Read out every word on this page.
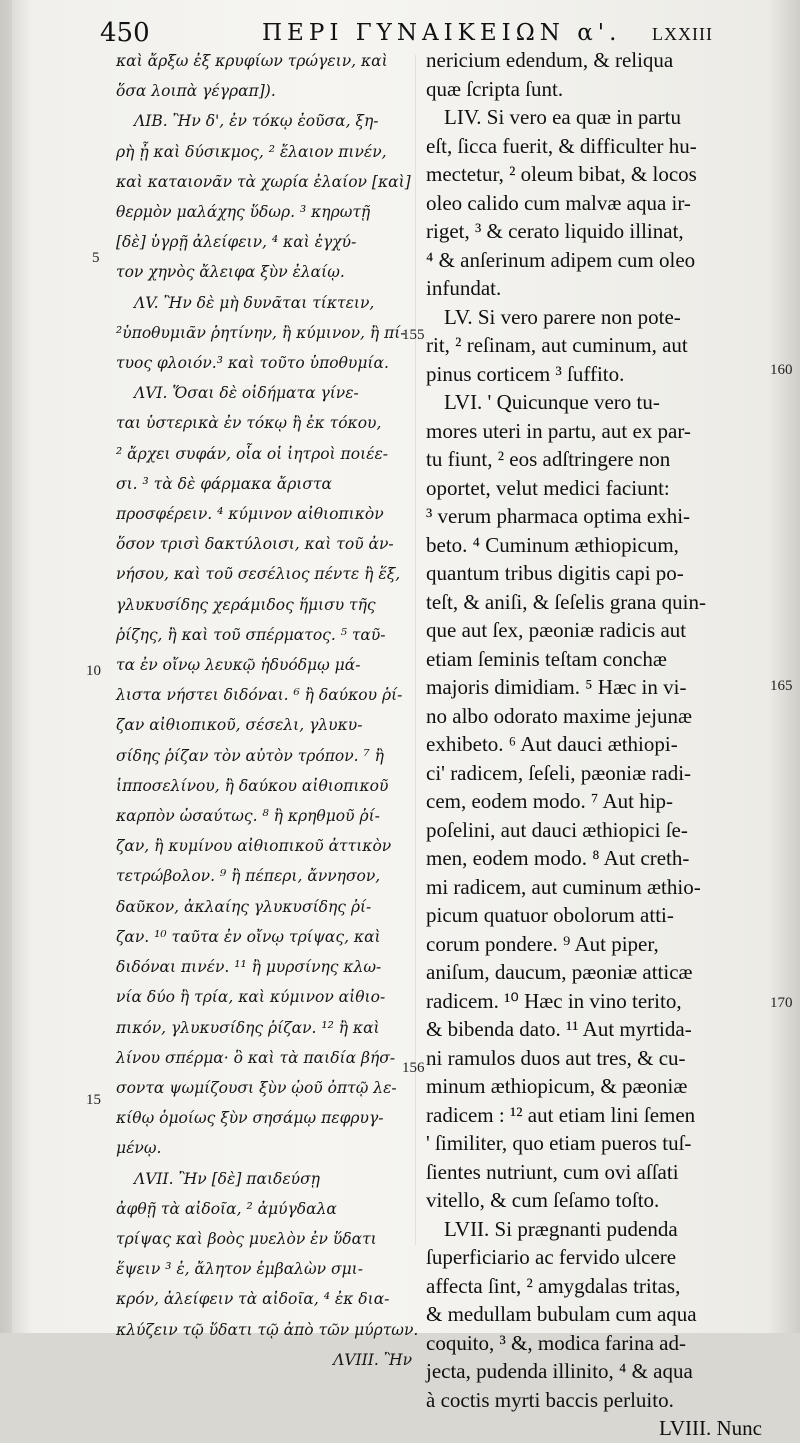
450	ΠΕΡΙ ΓΥΝΑΙΚΕΙΩΝ α'. LXXIII
καὶ ἄρξω ἐξ κρυφίων τρώγειν, καὶ
ὅσα λοιπὰ γέγραπ]).
ΛΙΒ. Ἢν δ', ἐν τόκῳ ἐοῦσα, ξη-
ρὴ ᾖ καὶ δύσικμος, ² ἔλαιον πινέν,
καὶ καταιονᾶν τὰ χωρία ἐλαίον [καὶ]
θερμὸν μαλάχης ὕδωρ. ³ κηρωτῇ
[δὲ] ὑγρῇ ἀλείφειν, ⁴ καὶ ἐγχύ-
τον χηνὸς ἄλειφα ξὺν ἐλαίῳ.
ΛV. Ἢν δὲ μὴ δυνᾶται τίκτειν,
²ὑποθυμιᾶν ῥητίνην, ἢ κύμινον, ἢ πί-
τυος φλοιόν.³ καὶ τοῦτο ὑποθυμία.
ΛVI. Ὅσαι δὲ οἰδήματα γίνε-
ται ὑστερικὰ ἐν τόκῳ ἢ ἐκ τόκου,
² ἄρχει συφάν, οἷα οἱ ἰητροὶ ποιέε-
σι. ³ τὰ δὲ φάρμακα ἄριστα
προσφέρειν. ⁴ κύμινον αἰθιοπικὸν
ὅσον τρισὶ δακτύλοισι, καὶ τοῦ ἀν-
νήσου, καὶ τοῦ σεσέλιος πέντε ἢ ἕξ,
γλυκυσίδης χεράμιδος ἥμισυ τῆς
ῥίζης, ἢ καὶ τοῦ σπέρματος. ⁵ ταῦ-
τα ἐν οἴνῳ λευκῷ ἡδυόδμῳ μά-
λιστα νήστει διδόναι. ⁶ ἢ δαύκου ῥί-
ζαν αἰθιοπικοῦ, σέσελι, γλυκυ-
σίδης ῥίζαν τὸν αὐτὸν τρόπον. ⁷ ἢ
ἱπποσελίνου, ἢ δαύκου αἰθιοπικοῦ
καρπὸν ὡσαύτως. ⁸ ἢ κρηθμοῦ ῥί-
ζαν, ἢ κυμίνου αἰθιοπικοῦ ἀττικὸν
τετρώβολον. ⁹ ἢ πέπερι, ἄννησον,
δαῦκον, ἀκλαίης γλυκυσίδης ῥί-
ζαν. ¹⁰ ταῦτα ἐν οἴνῳ τρίψας, καὶ
διδόναι πινέν. ¹¹ ἢ μυρσίνης κλω-
νία δύο ἢ τρία, καὶ κύμινον αἰθιο-
πικόν, γλυκυσίδης ῥίζαν. ¹² ἢ καὶ
λίνου σπέρμα· ὃ καὶ τὰ παιδία βήσ-
σοντα ψωμίζουσι ξὺν ᾠοῦ ὀπτῷ λε-
κίθῳ ὁμοίως ξὺν σησάμῳ πεφρυγ-
μένῳ.
ΛVII. Ἢν [δὲ] παιδεύσῃ
ἀφθῇ τὰ αἰδοῖα, ² ἀμύγδαλα
τρίψας καὶ βοὸς μυελὸν ἐν ὕδατι
ἕψειν ³ ἐ, ἄλητον ἐμβαλὼν σμι-
κρόν, ἀλείφειν τὰ αἰδοῖα, ⁴ ἐκ δια-
κλύζειν τῷ ὕδατι τῷ ἀπὸ τῶν μύρτων.
ΛVIII. Ἢν
nericium edendum, & reliqua
quæ ſcripta ſunt.
LIV. Si vero ea quæ in partu
eſt, ſicca fuerit, & difficulter hu-
mectetur, ² oleum bibat, & locos
oleo calido cum malvæ aqua ir-
riget, ³ & cerato liquido illinat,
⁴ & anſerinum adipem cum oleo
infundat.
LV. Si vero parere non pote-
rit, ² reſinam, aut cuminum, aut
pinus corticem ³ ſuffito.
LVI. ' Quicunque vero tu-
mores uteri in partu, aut ex par-
tu fiunt, ² eos adſtringere non
oportet, velut medici faciunt:
³ verum pharmaca optima exhi-
beto. ⁴ Cuminum æthiopicum,
quantum tribus digitis capi po-
teſt, & aniſi, & ſeſelis grana quin-
que aut ſex, pæoniæ radicis aut
etiam ſeminis teſtam conchæ
majoris dimidiam. ⁵ Hæc in vi-
no albo odorato maxime jejunæ
exhibeto. ⁶ Aut dauci æthiopi-
ci' radicem, ſeſeli, pæoniæ radi-
cem, eodem modo. ⁷ Aut hip-
poſelini, aut dauci æthiopici ſe-
men, eodem modo. ⁸ Aut creth-
mi radicem, aut cuminum æthio-
picum quatuor obolorum atti-
corum pondere. ⁹ Aut piper,
aniſum, daucum, pæoniæ atticæ
radicem. ¹⁰ Hæc in vino terito,
& bibenda dato. ¹¹ Aut myrtida-
ni ramulos duos aut tres, & cu-
minum æthiopicum, & pæoniæ
radicem : ¹² aut etiam lini ſemen
' ſimiliter, quo etiam pueros tuſ-
ſientes nutriunt, cum ovi aſſati
vitello, & cum ſeſamo toſto.
LVII. Si prægnanti pudenda
ſuperficiario ac fervido ulcere
affecta ſint, ² amygdalas tritas,
& medullam bubulam cum aqua
coquito, ³ &, modica farina ad-
jecta, pudenda illinito, ⁴ & aqua
à coctis myrti baccis perluito.
LVIII. Nunc
5
10
15
155
156
160
165
170
